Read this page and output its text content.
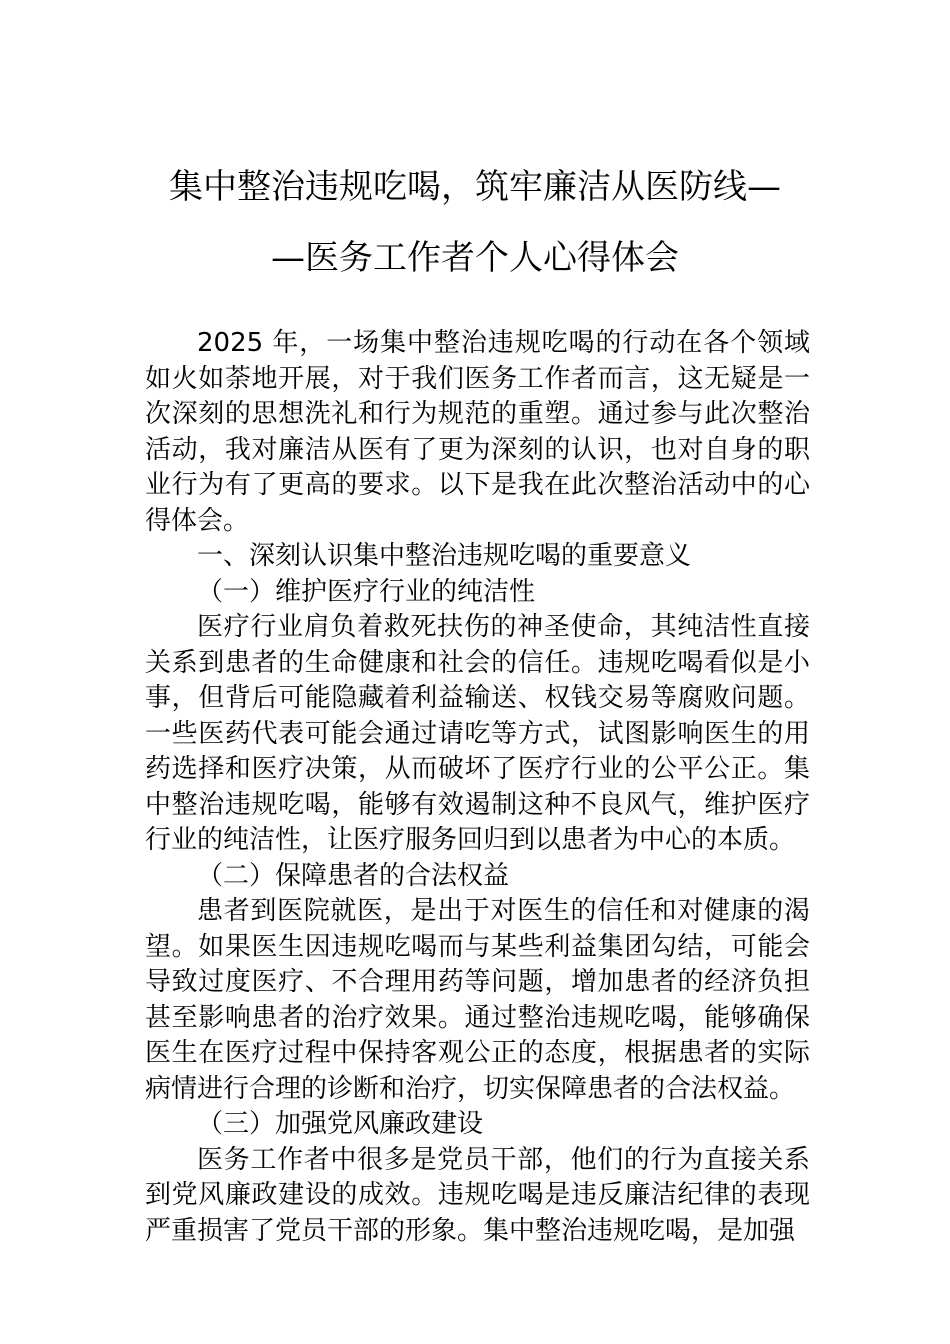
集中整治违规吃喝，筑牢廉洁从医防线—
—医务工作者个人心得体会

2025 年，一场集中整治违规吃喝的行动在各个领域如火如荼地开展，对于我们医务工作者而言，这无疑是一次深刻的思想洗礼和行为规范的重塑。通过参与此次整治活动，我对廉洁从医有了更为深刻的认识，也对自身的职业行为有了更高的要求。以下是我在此次整治活动中的心得体会。

一、深刻认识集中整治违规吃喝的重要意义

（一）维护医疗行业的纯洁性

医疗行业肩负着救死扶伤的神圣使命，其纯洁性直接关系到患者的生命健康和社会的信任。违规吃喝看似是小事，但背后可能隐藏着利益输送、权钱交易等腐败问题。一些医药代表可能会通过请吃等方式，试图影响医生的用药选择和医疗决策，从而破坏了医疗行业的公平公正。集中整治违规吃喝，能够有效遏制这种不良风气，维护医疗行业的纯洁性，让医疗服务回归到以患者为中心的本质。

（二）保障患者的合法权益

患者到医院就医，是出于对医生的信任和对健康的渴望。如果医生因违规吃喝而与某些利益集团勾结，可能会导致过度医疗、不合理用药等问题，增加患者的经济负担甚至影响患者的治疗效果。通过整治违规吃喝，能够确保医生在医疗过程中保持客观公正的态度，根据患者的实际病情进行合理的诊断和治疗，切实保障患者的合法权益。

（三）加强党风廉政建设

医务工作者中很多是党员干部，他们的行为直接关系到党风廉政建设的成效。违规吃喝是违反廉洁纪律的表现严重损害了党员干部的形象。集中整治违规吃喝，是加强
